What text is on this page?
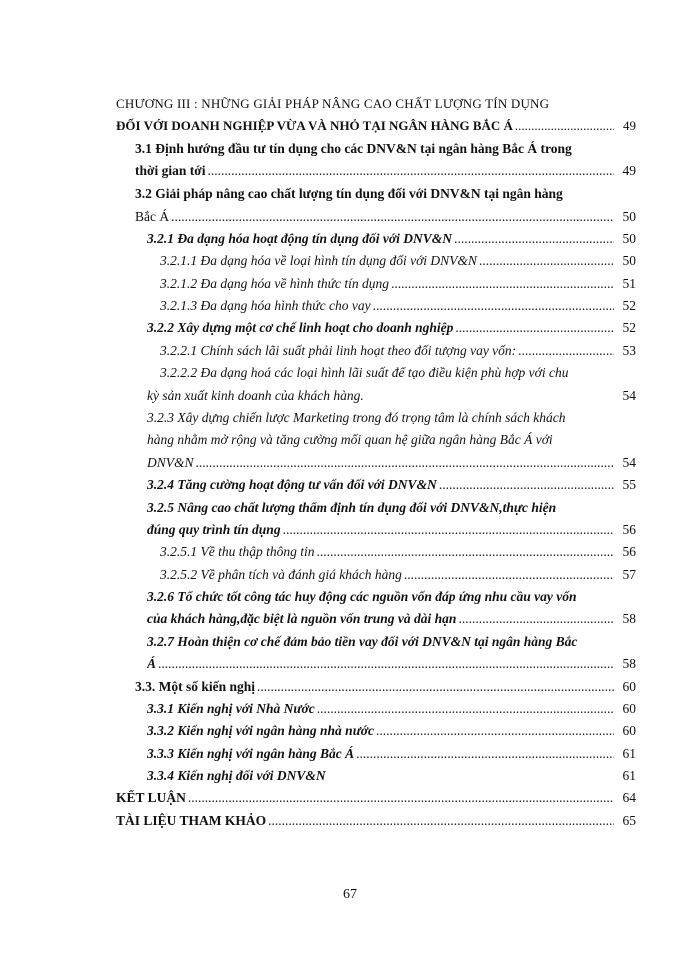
CHƯƠNG III : NHỮNG GIẢI PHÁP NÂNG CAO CHẤT LƯỢNG TÍN DỤNG
ĐỐI VỚI DOANH NGHIỆP VỪA VÀ NHỎ TẠI NGÂN HÀNG BẮC Á .....	49
3.1 Định hướng đầu tư tín dụng cho các DNV&N tại ngân hàng Bắc Á trong
thời gian tới .....	49
3.2 Giải pháp nâng cao chất lượng tín dụng đối với DNV&N tại ngân hàng
Bắc Á .....	50
3.2.1 Đa dạng hóa hoạt động tín dụng đối với DNV&N .....	50
3.2.1.1 Đa dạng hóa về loại hình tín dụng đối với DNV&N .....	50
3.2.1.2 Đa dạng hóa về hình thức tín dụng .....	51
3.2.1.3 Đa dạng hóa hình thức cho vay .....	52
3.2.2 Xây dựng một cơ chế linh hoạt cho doanh nghiệp .....	52
3.2.2.1 Chính sách lãi suất phải linh hoạt theo đối tượng vay vốn: .....	53
3.2.2.2 Đa dạng hoá các loại hình lãi suất để tạo điều kiện phù hợp với chu
kỳ sản xuất kinh doanh của khách hàng.	54
3.2.3 Xây dựng chiến lược Marketing trong đó trọng tâm là chính sách khách
hàng nhằm mở rộng và tăng cường mối quan hệ giữa ngân hàng Bắc Á với
DNV&N .....	54
3.2.4 Tăng cường hoạt động tư vấn đối với DNV&N .....	55
3.2.5 Nâng cao chất lượng thẩm định tín dụng đối với DNV&N,thực hiện
đúng quy trình tín dụng .....	56
3.2.5.1 Về thu thập thông tin .....	56
3.2.5.2 Về phân tích và đánh giá khách hàng .....	57
3.2.6 Tổ chức tốt công tác huy động các nguồn vốn đáp ứng nhu cầu vay vốn
của khách hàng,đặc biệt là nguồn vốn trung và dài hạn .....	58
3.2.7 Hoàn thiện cơ chế đảm bảo tiền vay đối với DNV&N tại ngân hàng Bắc
Á .....	58
3.3. Một số kiến nghị .....	60
3.3.1 Kiến nghị với Nhà Nước .....	60
3.3.2 Kiến nghị với ngân hàng nhà nước .....	60
3.3.3 Kiến nghị với ngân hàng Bắc Á .....	61
3.3.4 Kiến nghị đối với DNV&N	61
KẾT LUẬN .....	64
TÀI LIỆU THAM KHẢO .....	65
67
